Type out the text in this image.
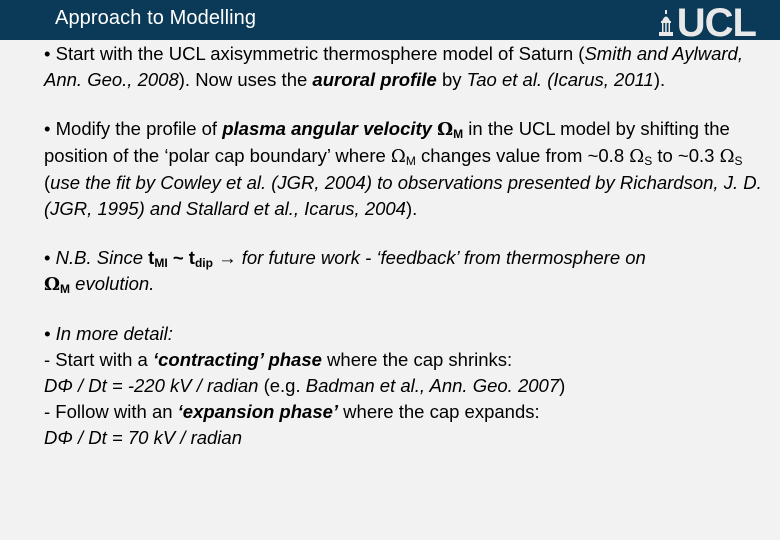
Approach to Modelling	UCL

• Start with the UCL axisymmetric thermosphere model of Saturn (Smith and Aylward, Ann. Geo., 2008). Now uses the auroral profile by Tao et al. (Icarus, 2011).

• Modify the profile of plasma angular velocity $\Omega_M$ in the UCL model by shifting the position of the ‘polar cap boundary’ where $\Omega_M$ changes value from ~0.8 $\Omega_S$ to ~0.3 $\Omega_S$ (use the fit by Cowley et al. (JGR, 2004) to observations presented by Richardson, J. D. (JGR, 1995) and Stallard et al., Icarus, 2004).

• N.B. Since $t_{MI}$ ~ $t_{dip}$ → for future work - ‘feedback’ from thermosphere on
$\Omega_M$ evolution.

• In more detail:
- Start with a ‘contracting’ phase where the cap shrinks:
DΦ / Dt = -220 kV / radian (e.g. Badman et al., Ann. Geo. 2007)
- Follow with an ‘expansion phase’ where the cap expands:
DΦ / Dt = 70 kV / radian
